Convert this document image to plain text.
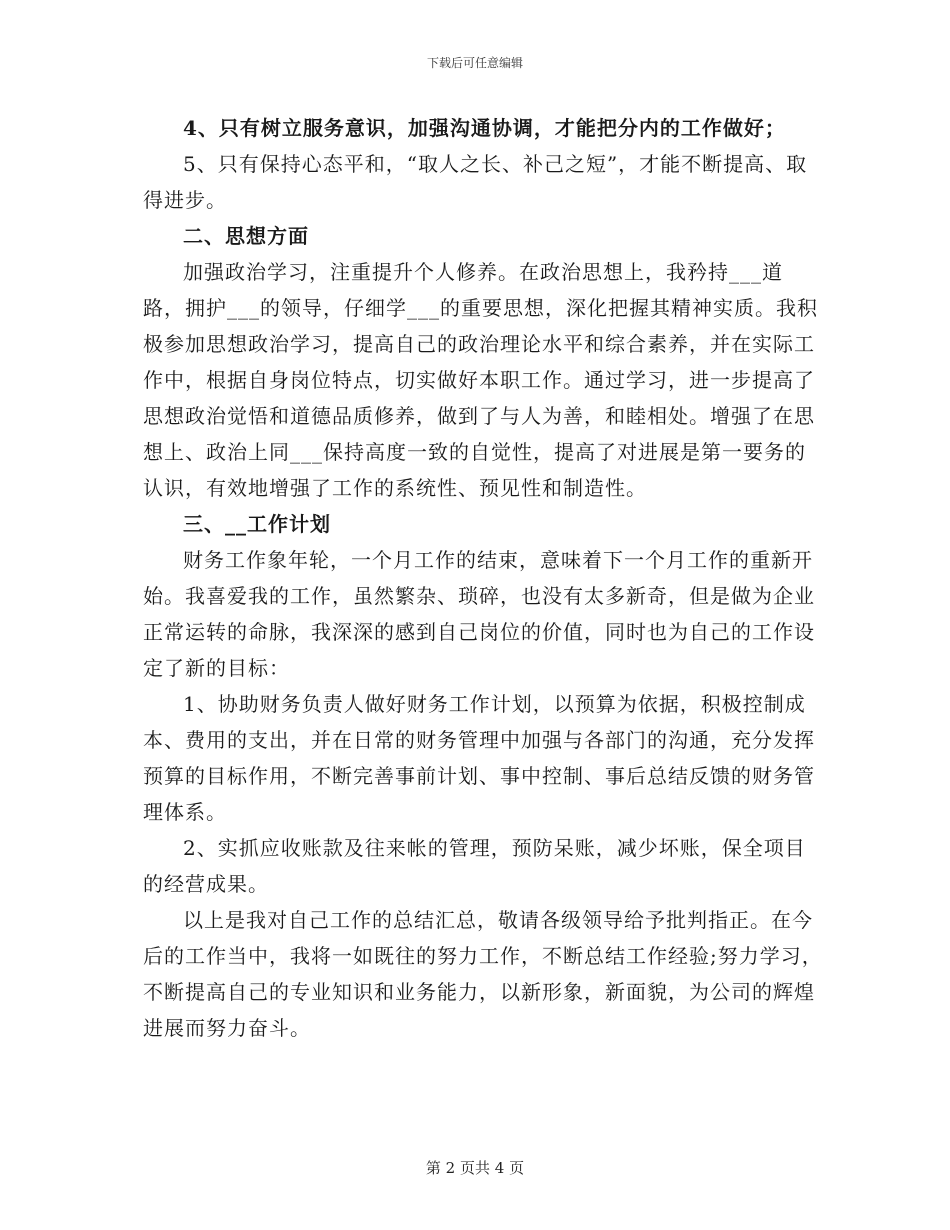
下载后可任意编辑

4、只有树立服务意识，加强沟通协调，才能把分内的工作做好；

5、只有保持心态平和，“取人之长、补己之短”，才能不断提高、取得进步。

二、思想方面

加强政治学习，注重提升个人修养。在政治思想上，我矜持___道路，拥护___的领导，仔细学___的重要思想，深化把握其精神实质。我积极参加思想政治学习，提高自己的政治理论水平和综合素养，并在实际工作中，根据自身岗位特点，切实做好本职工作。通过学习，进一步提高了思想政治觉悟和道德品质修养，做到了与人为善，和睦相处。增强了在思想上、政治上同___保持高度一致的自觉性，提高了对进展是第一要务的认识，有效地增强了工作的系统性、预见性和制造性。

三、__工作计划

财务工作象年轮，一个月工作的结束，意味着下一个月工作的重新开始。我喜爱我的工作，虽然繁杂、琐碎，也没有太多新奇，但是做为企业正常运转的命脉，我深深的感到自己岗位的价值，同时也为自己的工作设定了新的目标：

1、协助财务负责人做好财务工作计划，以预算为依据，积极控制成本、费用的支出，并在日常的财务管理中加强与各部门的沟通，充分发挥预算的目标作用，不断完善事前计划、事中控制、事后总结反馈的财务管理体系。

2、实抓应收账款及往来帐的管理，预防呆账，减少坏账，保全项目的经营成果。

以上是我对自己工作的总结汇总，敬请各级领导给予批判指正。在今后的工作当中，我将一如既往的努力工作，不断总结工作经验;努力学习，不断提高自己的专业知识和业务能力，以新形象，新面貌，为公司的辉煌进展而努力奋斗。

第 2 页共 4 页
